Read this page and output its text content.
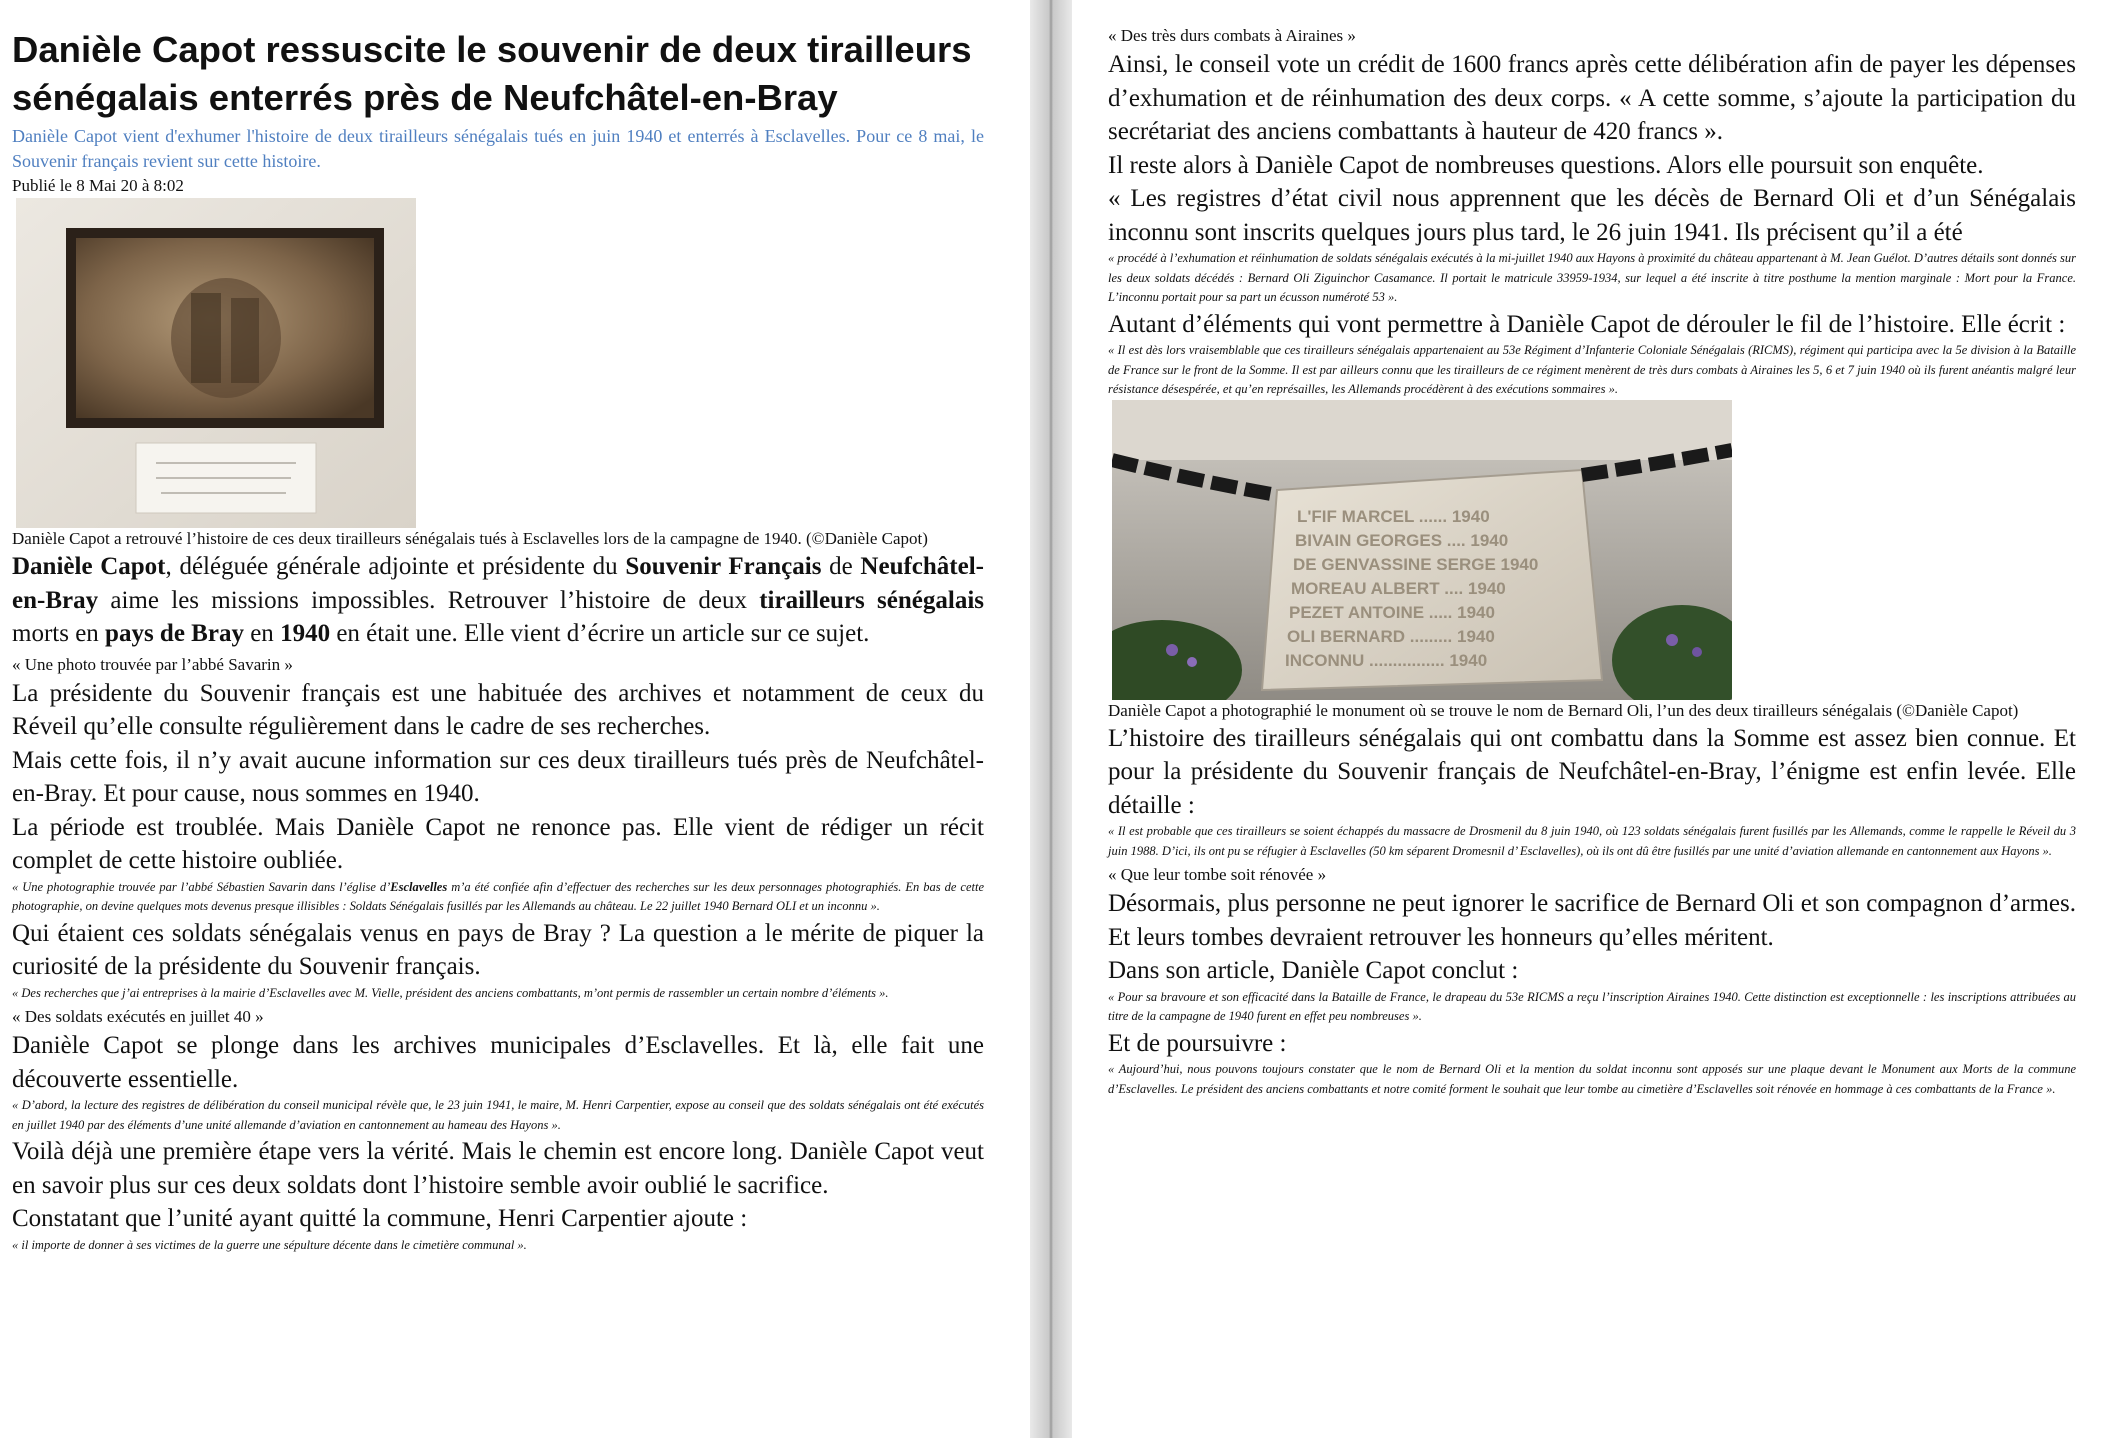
Danièle Capot ressuscite le souvenir de deux tirailleurs sénégalais enterrés près de Neufchâtel-en-Bray

Danièle Capot vient d'exhumer l'histoire de deux tirailleurs sénégalais tués en juin 1940 et enterrés à Esclavelles. Pour ce 8 mai, le Souvenir français revient sur cette histoire.

Publié le 8 Mai 20 à 8:02

Danièle Capot a retrouvé l’histoire de ces deux tirailleurs sénégalais tués à Esclavelles lors de la campagne de 1940. (©Danièle Capot)

Danièle Capot, déléguée générale adjointe et présidente du Souvenir Français de Neufchâtel-en-Bray aime les missions impossibles. Retrouver l’histoire de deux tirailleurs sénégalais morts en pays de Bray en 1940 en était une. Elle vient d’écrire un article sur ce sujet.

« Une photo trouvée par l’abbé Savarin »

La présidente du Souvenir français est une habituée des archives et notamment de ceux du Réveil qu’elle consulte régulièrement dans le cadre de ses recherches.

Mais cette fois, il n’y avait aucune information sur ces deux tirailleurs tués près de Neufchâtel-en-Bray. Et pour cause, nous sommes en 1940.

La période est troublée. Mais Danièle Capot ne renonce pas. Elle vient de rédiger un récit complet de cette histoire oubliée.

« Une photographie trouvée par l’abbé Sébastien Savarin dans l’église d’Esclavelles m’a été confiée afin d’effectuer des recherches sur les deux personnages photographiés. En bas de cette photographie, on devine quelques mots devenus presque illisibles : Soldats Sénégalais fusillés par les Allemands au château. Le 22 juillet 1940 Bernard OLI et un inconnu ».

Qui étaient ces soldats sénégalais venus en pays de Bray ? La question a le mérite de piquer la curiosité de la présidente du Souvenir français.

« Des recherches que j’ai entreprises à la mairie d’Esclavelles avec M. Vielle, président des anciens combattants, m’ont permis de rassembler un certain nombre d’éléments ».

« Des soldats exécutés en juillet 40 »

Danièle Capot se plonge dans les archives municipales d’Esclavelles. Et là, elle fait une découverte essentielle.

« D’abord, la lecture des registres de délibération du conseil municipal révèle que, le 23 juin 1941, le maire, M. Henri Carpentier, expose au conseil que des soldats sénégalais ont été exécutés en juillet 1940 par des éléments d’une unité allemande d’aviation en cantonnement au hameau des Hayons ».

Voilà déjà une première étape vers la vérité. Mais le chemin est encore long. Danièle Capot veut en savoir plus sur ces deux soldats dont l’histoire semble avoir oublié le sacrifice.

Constatant que l’unité ayant quitté la commune, Henri Carpentier ajoute :

« il importe de donner à ses victimes de la guerre une sépulture décente dans le cimetière communal ».

« Des très durs combats à Airaines »

Ainsi, le conseil vote un crédit de 1600 francs après cette délibération afin de payer les dépenses d’exhumation et de réinhumation des deux corps. « A cette somme, s’ajoute la participation du secrétariat des anciens combattants à hauteur de 420 francs ».

Il reste alors à Danièle Capot de nombreuses questions. Alors elle poursuit son enquête.

« Les registres d’état civil nous apprennent que les décès de Bernard Oli et d’un Sénégalais inconnu sont inscrits quelques jours plus tard, le 26 juin 1941. Ils précisent qu’il a été

« procédé à l’exhumation et réinhumation de soldats sénégalais exécutés à la mi-juillet 1940 aux Hayons à proximité du château appartenant à M. Jean Guélot. D’autres détails sont donnés sur les deux soldats décédés : Bernard Oli Ziguinchor Casamance. Il portait le matricule 33959-1934, sur lequel a été inscrite à titre posthume la mention marginale : Mort pour la France. L’inconnu portait pour sa part un écusson numéroté 53 ».

Autant d’éléments qui vont permettre à Danièle Capot de dérouler le fil de l’histoire. Elle écrit :

« Il est dès lors vraisemblable que ces tirailleurs sénégalais appartenaient au 53e Régiment d’Infanterie Coloniale Sénégalais (RICMS), régiment qui participa avec la 5e division à la Bataille de France sur le front de la Somme. Il est par ailleurs connu que les tirailleurs de ce régiment menèrent de très durs combats à Airaines les 5, 6 et 7 juin 1940 où ils furent anéantis malgré leur résistance désespérée, et qu’en représailles, les Allemands procédèrent à des exécutions sommaires ».

L'FIF MARCEL ...... 1940
BIVAIN GEORGES .... 1940
DE GENVASSINE SERGE 1940
MOREAU ALBERT .... 1940
PEZET ANTOINE ..... 1940
OLI BERNARD ......... 1940
INCONNU ................ 1940

Danièle Capot a photographié le monument où se trouve le nom de Bernard Oli, l’un des deux tirailleurs sénégalais (©Danièle Capot)

L’histoire des tirailleurs sénégalais qui ont combattu dans la Somme est assez bien connue. Et pour la présidente du Souvenir français de Neufchâtel-en-Bray, l’énigme est enfin levée. Elle détaille :

« Il est probable que ces tirailleurs se soient échappés du massacre de Drosmenil du 8 juin 1940, où 123 soldats sénégalais furent fusillés par les Allemands, comme le rappelle le Réveil du 3 juin 1988. D’ici, ils ont pu se réfugier à Esclavelles (50 km séparent Dromesnil d’ Esclavelles), où ils ont dû être fusillés par une unité d’aviation allemande en cantonnement aux Hayons ».

« Que leur tombe soit rénovée »

Désormais, plus personne ne peut ignorer le sacrifice de Bernard Oli et son compagnon d’armes. Et leurs tombes devraient retrouver les honneurs qu’elles méritent.

Dans son article, Danièle Capot conclut :

« Pour sa bravoure et son efficacité dans la Bataille de France, le drapeau du 53e RICMS a reçu l’inscription Airaines 1940. Cette distinction est exceptionnelle : les inscriptions attribuées au titre de la campagne de 1940 furent en effet peu nombreuses ».

Et de poursuivre :

« Aujourd’hui, nous pouvons toujours constater que le nom de Bernard Oli et la mention du soldat inconnu sont apposés sur une plaque devant le Monument aux Morts de la commune d’Esclavelles. Le président des anciens combattants et notre comité forment le souhait que leur tombe au cimetière d’Esclavelles soit rénovée en hommage à ces combattants de la France ».
